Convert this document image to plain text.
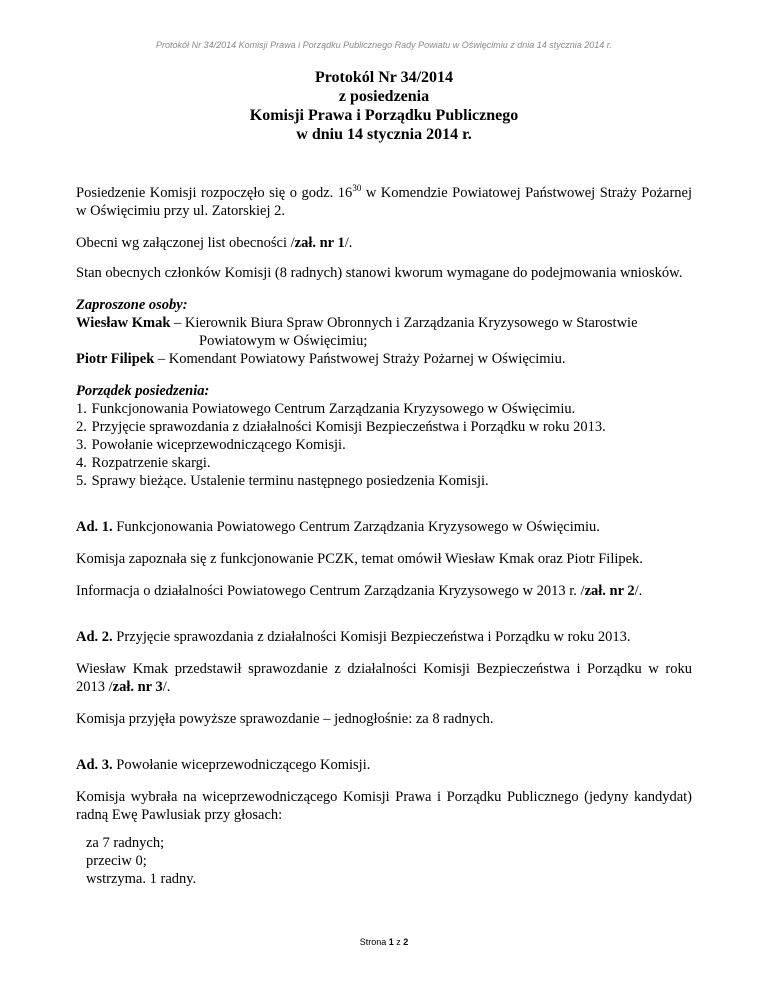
Protokół Nr 34/2014 Komisji Prawa i Porządku Publicznego Rady Powiatu w Oświęcimiu z dnia 14 stycznia 2014 r.
Protokól Nr 34/2014
z posiedzenia
Komisji Prawa i Porządku Publicznego
w dniu 14 stycznia 2014 r.

Posiedzenie Komisji rozpoczęło się o godz. $16^{30}$ w Komendzie Powiatowej Państwowej Straży Pożarnej w Oświęcimiu przy ul. Zatorskiej 2.

Obecni wg załączonej list obecności /zał. nr 1/.

Stan obecnych członków Komisji (8 radnych) stanowi kworum wymagane do podejmowania wniosków.

Zaproszone osoby:

Wiesław Kmak – Kierownik Biura Spraw Obronnych i Zarządzania Kryzysowego w Starostwie

Powiatowym w Oświęcimiu;

Piotr Filipek – Komendant Powiatowy Państwowej Straży Pożarnej w Oświęcimiu.

Porządek posiedzenia:

1. Funkcjonowania Powiatowego Centrum Zarządzania Kryzysowego w Oświęcimiu.

2. Przyjęcie sprawozdania z działalności Komisji Bezpieczeństwa i Porządku w roku 2013.

3. Powołanie wiceprzewodniczącego Komisji.

4. Rozpatrzenie skargi.

5. Sprawy bieżące. Ustalenie terminu następnego posiedzenia Komisji.

Ad. 1. Funkcjonowania Powiatowego Centrum Zarządzania Kryzysowego w Oświęcimiu.

Komisja zapoznała się z funkcjonowanie PCZK, temat omówił Wiesław Kmak oraz Piotr Filipek.

Informacja o działalności Powiatowego Centrum Zarządzania Kryzysowego w 2013 r. /zał. nr 2/.

Ad. 2. Przyjęcie sprawozdania z działalności Komisji Bezpieczeństwa i Porządku w roku 2013.

Wiesław Kmak przedstawił sprawozdanie z działalności Komisji Bezpieczeństwa i Porządku w roku 2013 /zał. nr 3/.

Komisja przyjęła powyższe sprawozdanie – jednogłośnie: za 8 radnych.

Ad. 3. Powołanie wiceprzewodniczącego Komisji.

Komisja wybrała na wiceprzewodniczącego Komisji Prawa i Porządku Publicznego (jedyny kandydat) radną Ewę Pawlusiak przy głosach:

za 7 radnych;

przeciw 0;

wstrzyma. 1 radny.

Strona 1 z 2
